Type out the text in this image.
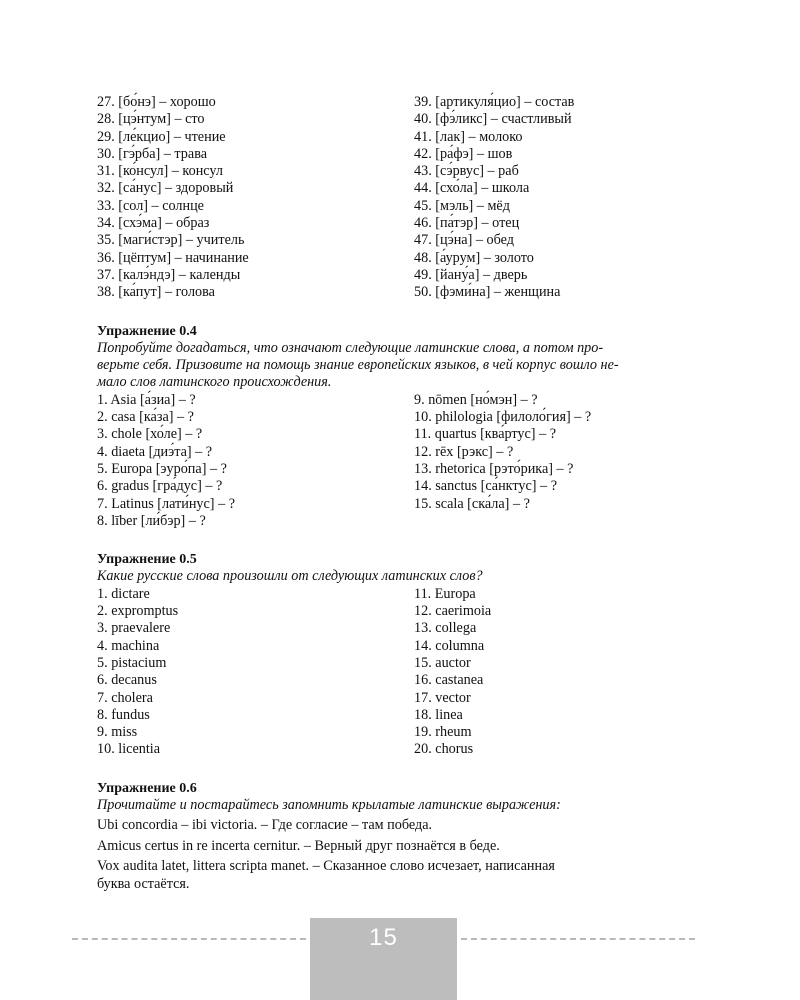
27. [бо́нэ] – хорошо
28. [цэ́нтум] – сто
29. [ле́кцио] – чтение
30. [гэ́рба] – трава
31. [ко́нсул] – консул
32. [са́нус] – здоровый
33. [сол] – солнце
34. [схэ́ма] – образ
35. [маги́стэр] – учитель
36. [цёптум] – начинание
37. [калэ́ндэ] – календы
38. [ка́пут] – голова
39. [артикуля́цио] – состав
40. [фэ́ликс] – счастливый
41. [лак] – молоко
42. [ра́фэ] – шов
43. [сэ́рвус] – раб
44. [схо́ла] – школа
45. [мэль] – мёд
46. [па́тэр] – отец
47. [цэ́на] – обед
48. [а́урум] – золото
49. [йану́а] – дверь
50. [фэми́на] – женщина
Упражнение 0.4
Попробуйте догадаться, что означают следующие латинские слова, а потом про-
верьте себя. Призовите на помощь знание европейских языков, в чей корпус вошло не-
мало слов латинского происхождения.
1. Asia [а́зиа] – ?
2. casa [ка́за] – ?
3. chole [хо́ле] – ?
4. diaeta [диэ́та] – ?
5. Europa [эуро́па] – ?
6. gradus [гра́дус] – ?
7. Latinus [лати́нус] – ?
8. līber [ли́бэр] – ?
9. nōmen [но́мэн] – ?
10. philologia [филоло́гия] – ?
11. quartus [ква́ртус] – ?
12. rēx [рэкс] – ?
13. rhetorica [рэто́рика] – ?
14. sanctus [са́нктус] – ?
15. scala [ска́ла] – ?
Упражнение 0.5
Какие русские слова произошли от следующих латинских слов?
1. dictare
2. expromptus
3. praevalere
4. machina
5. pistacium
6. decanus
7. cholera
8. fundus
9. miss
10. licentia
11. Europa
12. caerimoia
13. collega
14. columna
15. auctor
16. castanea
17. vector
18. linea
19. rheum
20. chorus
Упражнение 0.6
Прочитайте и постарайтесь запомнить крылатые латинские выражения:
Ubi concordia – ibi victoria. – Где согласие – там победа.
Amicus certus in re incerta cernitur. – Верный друг познаётся в беде.
Vox audita latet, littera scripta manet. – Сказанное слово исчезает, написанная
буква остаётся.
15
